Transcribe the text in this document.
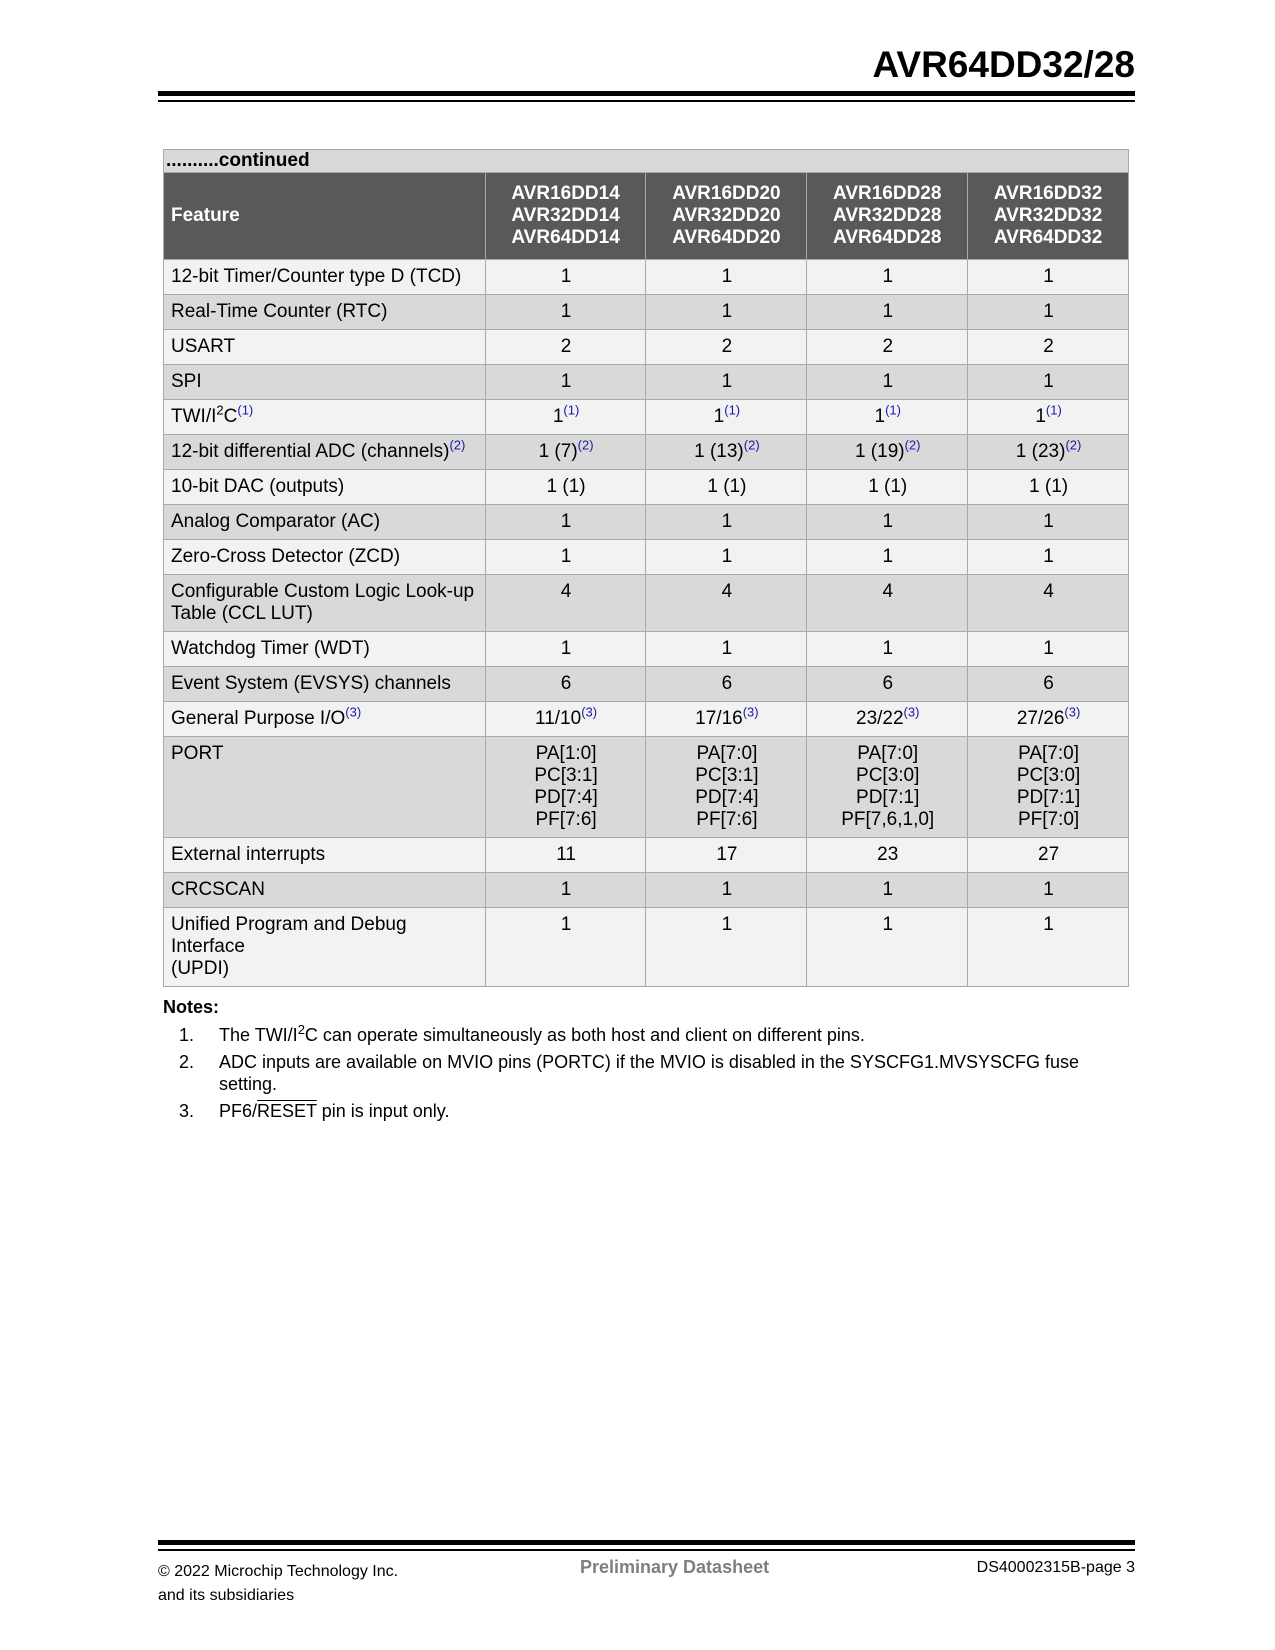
AVR64DD32/28
..........continued				
Feature	AVR16DD14
AVR32DD14
AVR64DD14	AVR16DD20
AVR32DD20
AVR64DD20	AVR16DD28
AVR32DD28
AVR64DD28	AVR16DD32
AVR32DD32
AVR64DD32
12-bit Timer/Counter type D (TCD)	1	1	1	1
Real-Time Counter (RTC)	1	1	1	1
USART	2	2	2	2
SPI	1	1	1	1
TWI/$I^2C^{(1)}$	1$^{(1)}$	1$^{(1)}$	1$^{(1)}$	1$^{(1)}$
12-bit differential ADC (channels)$^{(2)}$	1 (7)$^{(2)}$	1 (13)$^{(2)}$	1 (19)$^{(2)}$	1 (23)$^{(2)}$
10-bit DAC (outputs)	1 (1)	1 (1)	1 (1)	1 (1)
Analog Comparator (AC)	1	1	1	1
Zero-Cross Detector (ZCD)	1	1	1	1
Configurable Custom Logic Look-up
Table (CCL LUT)	4	4	4	4
Watchdog Timer (WDT)	1	1	1	1
Event System (EVSYS) channels	6	6	6	6
General Purpose I/O$^{(3)}$	11/10$^{(3)}$	17/16$^{(3)}$	23/22$^{(3)}$	27/26$^{(3)}$
PORT	PA[1:0]
PC[3:1]
PD[7:4]
PF[7:6]	PA[7:0]
PC[3:1]
PD[7:4]
PF[7:6]	PA[7:0]
PC[3:0]
PD[7:1]
PF[7,6,1,0]	PA[7:0]
PC[3:0]
PD[7:1]
PF[7:0]
External interrupts	11	17	23	27
CRCSCAN	1	1	1	1
Unified Program and Debug Interface
(UPDI)	1	1	1	1
Notes:
1. The TWI/$I^2C$ can operate simultaneously as both host and client on different pins.
2. ADC inputs are available on MVIO pins (PORTC) if the MVIO is disabled in the SYSCFG1.MVSYSCFG fuse
setting.
3. PF6/RESET pin is input only.
© 2022 Microchip Technology Inc.
and its subsidiaries
Preliminary Datasheet	DS40002315B-page 3
